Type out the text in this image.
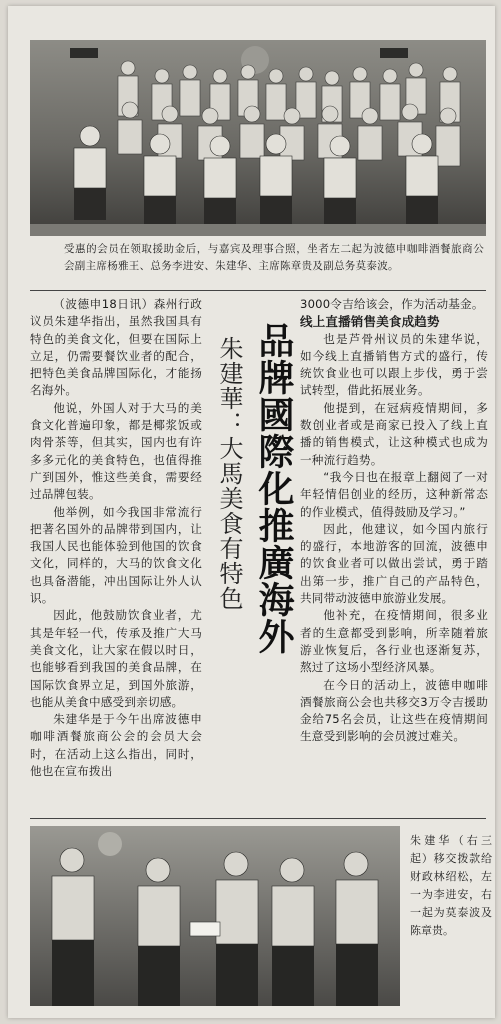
受惠的会员在领取援助金后，与嘉宾及理事合照，坐者左二起为波德申咖啡酒餐旅商公会副主席杨雅王、总务李进安、朱建华、主席陈章贵及副总务莫泰波。

（波德申18日讯）森州行政议员朱建华指出，虽然我国具有特色的美食文化，但要在国际上立足，仍需要餐饮业者的配合，把特色美食品牌国际化，才能扬名海外。

他说，外国人对于大马的美食文化普遍印象，都是椰浆饭或肉骨茶等，但其实，国内也有许多多元化的美食特色，也值得推广到国外，惟这些美食，需要经过品牌包装。

他举例，如今我国非常流行把著名国外的品牌带到国内，让我国人民也能体验到他国的饮食文化，同样的，大马的饮食文化也具备潜能，冲出国际让外人认识。

因此，他鼓励饮食业者，尤其是年轻一代，传承及推广大马美食文化，让大家在假以时日，也能够看到我国的美食品牌，在国际饮食界立足，到国外旅游，也能从美食中感受到亲切感。

朱建华是于今午出席波德申咖啡酒餐旅商公会的会员大会时，在活动上这么指出，同时，他也在宣布拨出

朱建華：大馬美食有特色 品牌國際化推廣海外

3000令吉给该会，作为活动基金。

线上直播销售美食成趋势

也是芦骨州议员的朱建华说，如今线上直播销售方式的盛行，传统饮食业也可以跟上步伐，勇于尝试转型，借此拓展业务。

他提到，在冠病疫情期间，多数创业者或是商家已投入了线上直播的销售模式，让这种模式也成为一种流行趋势。

“我今日也在报章上翻阅了一对年轻情侣创业的经历，这种新常态的作业模式，值得鼓励及学习。”

因此，他建议，如今国内旅行的盛行，本地游客的回流，波德申的饮食业者可以做出尝试，勇于踏出第一步，推广自己的产品特色，共同带动波德申旅游业发展。

他补充，在疫情期间，很多业者的生意都受到影响，所幸随着旅游业恢复后，各行业也逐渐复苏，熬过了这场小型经济风暴。

在今日的活动上，波德申咖啡酒餐旅商公会也共移交3万令吉援助金给75名会员，让这些在疫情期间生意受到影响的会员渡过难关。

朱建华（右三起）移交拨款给财政林绍松，左一为李进安，右一起为莫泰波及陈章贵。
